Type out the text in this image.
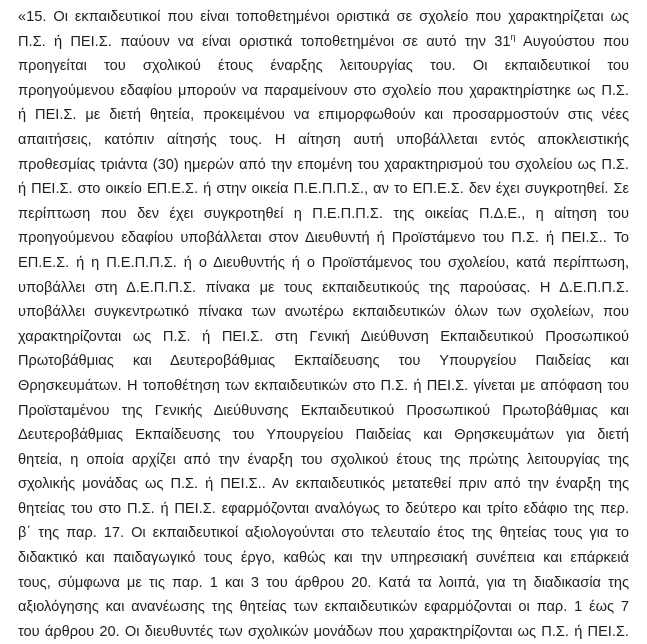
«15. Οι εκπαιδευτικοί που είναι τοποθετημένοι οριστικά σε σχολείο που χαρακτηρίζεται ως
Π.Σ. ή ΠΕΙ.Σ. παύουν να είναι οριστικά τοποθετημένοι σε αυτό την $31^\eta$ Αυγούστου που
προηγείται του σχολικού έτους έναρξης λειτουργίας του. Οι εκπαιδευτικοί του
προηγούμενου εδαφίου μπορούν να παραμείνουν στο σχολείο που χαρακτηρίστηκε ως Π.Σ.
ή ΠΕΙ.Σ. με διετή θητεία, προκειμένου να επιμορφωθούν και προσαρμοστούν στις νέες
απαιτήσεις, κατόπιν αίτησής τους. Η αίτηση αυτή υποβάλλεται εντός αποκλειστικής
προθεσμίας τριάντα (30) ημερών από την επομένη του χαρακτηρισμού του σχολείου ως Π.Σ.
ή ΠΕΙ.Σ. στο οικείο ΕΠ.Ε.Σ. ή στην οικεία Π.Ε.Π.Π.Σ., αν το ΕΠ.Ε.Σ. δεν έχει συγκροτηθεί. Σε
περίπτωση που δεν έχει συγκροτηθεί η Π.Ε.Π.Π.Σ. της οικείας Π.Δ.Ε., η αίτηση του
προηγούμενου εδαφίου υποβάλλεται στον Διευθυντή ή Προϊστάμενο του Π.Σ. ή ΠΕΙ.Σ.. Το
ΕΠ.Ε.Σ. ή η Π.Ε.Π.Π.Σ. ή ο Διευθυντής ή ο Προϊστάμενος του σχολείου, κατά περίπτωση,
υποβάλλει στη Δ.Ε.Π.Π.Σ. πίνακα με τους εκπαιδευτικούς της παρούσας. Η Δ.Ε.Π.Π.Σ.
υποβάλλει συγκεντρωτικό πίνακα των ανωτέρω εκπαιδευτικών όλων των σχολείων, που
χαρακτηρίζονται ως Π.Σ. ή ΠΕΙ.Σ. στη Γενική Διεύθυνση Εκπαιδευτικού Προσωπικού
Πρωτοβάθμιας και Δευτεροβάθμιας Εκπαίδευσης του Υπουργείου Παιδείας και
Θρησκευμάτων. Η τοποθέτηση των εκπαιδευτικών στο Π.Σ. ή ΠΕΙ.Σ. γίνεται με απόφαση του
Προϊσταμένου της Γενικής Διεύθυνσης Εκπαιδευτικού Προσωπικού Πρωτοβάθμιας και
Δευτεροβάθμιας Εκπαίδευσης του Υπουργείου Παιδείας και Θρησκευμάτων για διετή
θητεία, η οποία αρχίζει από την έναρξη του σχολικού έτους της πρώτης λειτουργίας της
σχολικής μονάδας ως Π.Σ. ή ΠΕΙ.Σ.. Αν εκπαιδευτικός μετατεθεί πριν από την έναρξη της
θητείας του στο Π.Σ. ή ΠΕΙ.Σ. εφαρμόζονται αναλόγως το δεύτερο και τρίτο εδάφιο της περ.
β΄ της παρ. 17. Οι εκπαιδευτικοί αξιολογούνται στο τελευταίο έτος της θητείας τους για το
διδακτικό και παιδαγωγικό τους έργο, καθώς και την υπηρεσιακή συνέπεια και επάρκειά
τους, σύμφωνα με τις παρ. 1 και 3 του άρθρου 20. Κατά τα λοιπά, για τη διαδικασία της
αξιολόγησης και ανανέωσης της θητείας των εκπαιδευτικών εφαρμόζονται οι παρ. 1 έως 7
του άρθρου 20. Οι διευθυντές των σχολικών μονάδων που χαρακτηρίζονται ως Π.Σ. ή ΠΕΙ.Σ.
